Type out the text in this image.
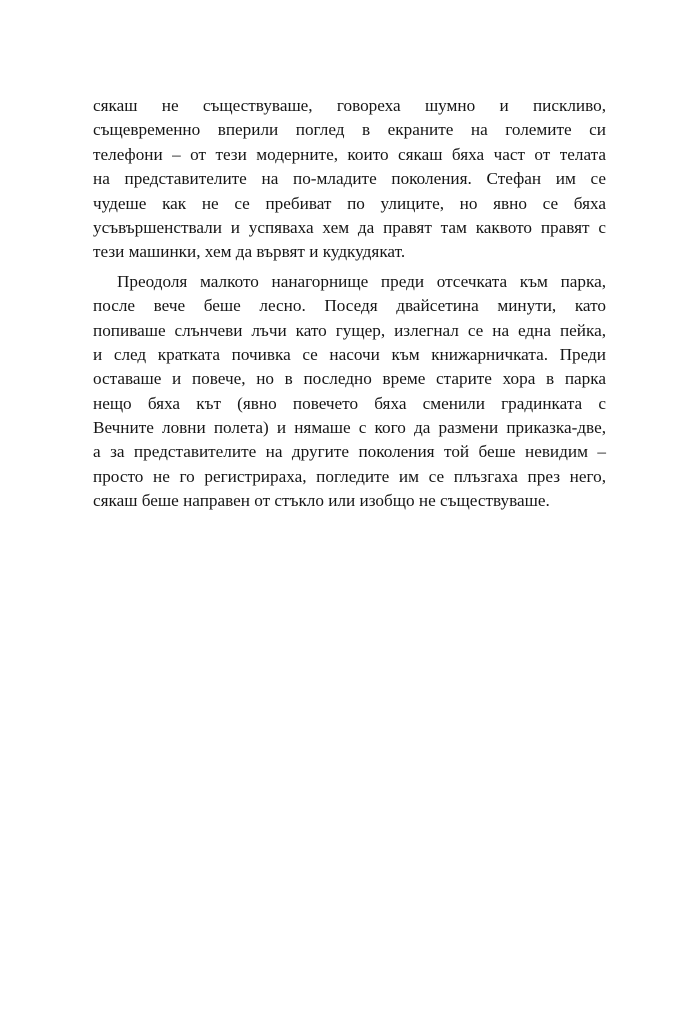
сякаш не съществуваше, говореха шумно и пискливо,
същевременно вперили поглед в екраните на големите си
телефони – от тези модерните, които сякаш бяха част от телата
на представителите на по-младите поколения. Стефан им се
чудеше как не се пребиват по улиците, но явно се бяха
усъвършенствали и успяваха хем да правят там каквото правят с
тези машинки, хем да вървят и кудкудякат.
Преодоля малкото нанагорнище преди отсечката към парка,
после вече беше лесно. Поседя двайсетина минути, като
попиваше слънчеви лъчи като гущер, излегнал се на една пейка,
и след кратката почивка се насочи към книжарничката. Преди
оставаше и повече, но в последно време старите хора в парка
нещо бяха кът (явно повечето бяха сменили градинката с
Вечните ловни полета) и нямаше с кого да размени приказка-две,
а за представителите на другите поколения той беше невидим –
просто не го регистрираха, погледите им се плъзгаха през него,
сякаш беше направен от стъкло или изобщо не съществуваше.
